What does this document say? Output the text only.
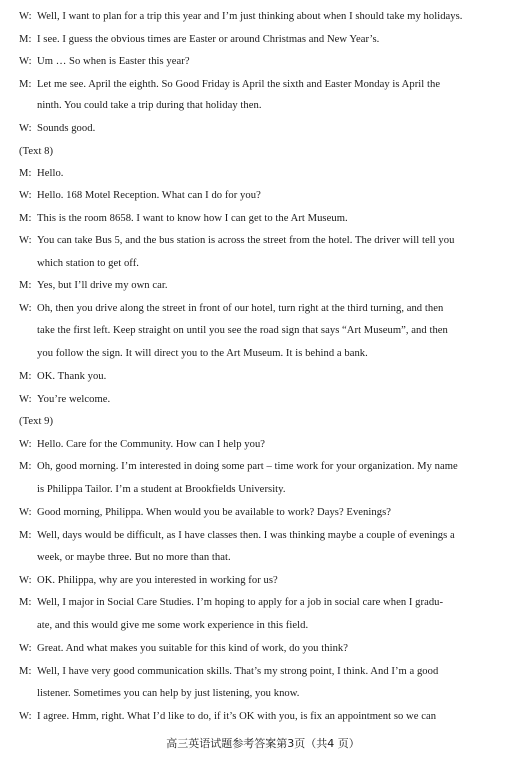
W: Well, I want to plan for a trip this year and I’m just thinking about when I should take my holidays.
M: I see. I guess the obvious times are Easter or around Christmas and New Year’s.
W: Um … So when is Easter this year?
M: Let me see. April the eighth. So Good Friday is April the sixth and Easter Monday is April the
ninth. You could take a trip during that holiday then.
W: Sounds good.
(Text 8)
M: Hello.
W: Hello. 168 Motel Reception. What can I do for you?
M: This is the room 8658. I want to know how I can get to the Art Museum.
W: You can take Bus 5, and the bus station is across the street from the hotel. The driver will tell you
which station to get off.
M: Yes, but I’ll drive my own car.
W: Oh, then you drive along the street in front of our hotel, turn right at the third turning, and then
take the first left. Keep straight on until you see the road sign that says “Art Museum”, and then
you follow the sign. It will direct you to the Art Museum. It is behind a bank.
M: OK. Thank you.
W: You’re welcome.
(Text 9)
W: Hello. Care for the Community. How can I help you?
M: Oh, good morning. I’m interested in doing some part – time work for your organization. My name
is Philippa Tailor. I’m a student at Brookfields University.
W: Good morning, Philippa. When would you be available to work? Days? Evenings?
M: Well, days would be difficult, as I have classes then. I was thinking maybe a couple of evenings a
week, or maybe three. But no more than that.
W: OK. Philippa, why are you interested in working for us?
M: Well, I major in Social Care Studies. I’m hoping to apply for a job in social care when I gradu-
ate, and this would give me some work experience in this field.
W: Great. And what makes you suitable for this kind of work, do you think?
M: Well, I have very good communication skills. That’s my strong point, I think. And I’m a good
listener. Sometimes you can help by just listening, you know.
W: I agree. Hmm, right. What I’d like to do, if it’s OK with you, is fix an appointment so we can
高三英语试题参考答案第3页（共4 页）
